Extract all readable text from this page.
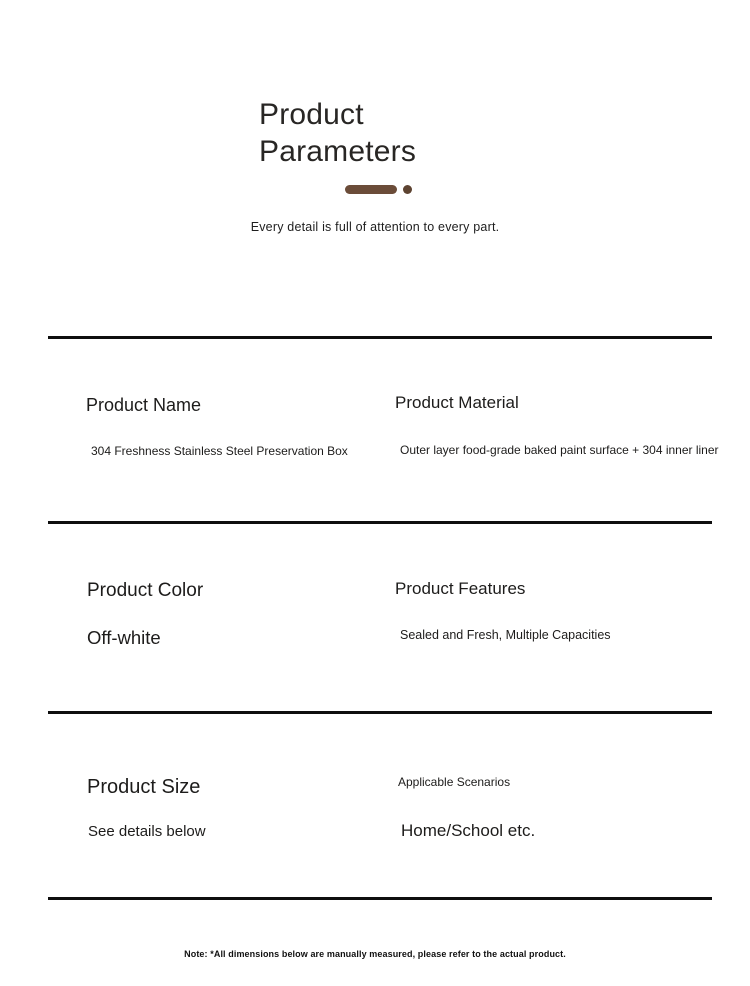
Product
Parameters

Every detail is full of attention to every part.

Product Name
304 Freshness Stainless Steel Preservation Box
Product Material
Outer layer food-grade baked paint surface + 304 inner liner
Product Color
Off-white
Product Features
Sealed and Fresh, Multiple Capacities
Product Size
See details below
Applicable Scenarios
Home/School etc.

Note: *All dimensions below are manually measured, please refer to the actual product.
